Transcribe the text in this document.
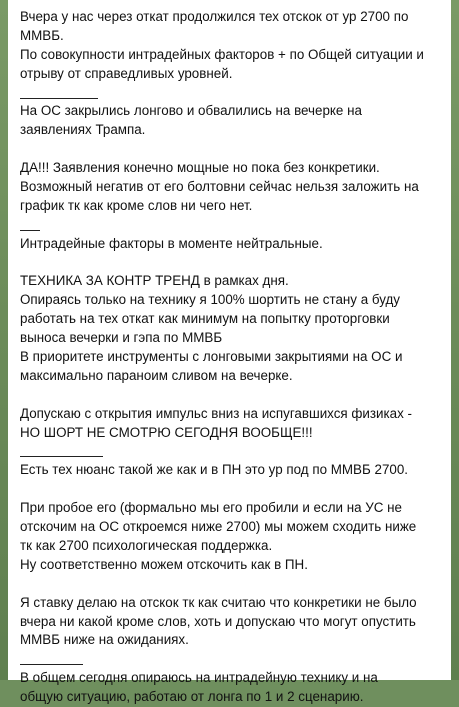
Вчера у нас через откат продолжился тех отскок от ур 2700 по
ММВБ.
По совокупности интрадейных факторов + по Общей ситуации и
отрыву от справедливых уровней.
На ОС закрылись лонгово и обвалились на вечерке на
заявлениях Трампа.
ДА!!! Заявления конечно мощные но пока без конкретики.
Возможный негатив от его болтовни сейчас нельзя заложить на
график тк как кроме слов ни чего нет.
Интрадейные факторы в моменте нейтральные.
ТЕХНИКА ЗА КОНТР ТРЕНД в рамках дня.
Опираясь только на технику я 100% шортить не стану а буду
работать на тех откат как минимум на попытку проторговки
выноса вечерки и гэпа по ММВБ
В приоритете инструменты с лонговыми закрытиями на ОС и
максимально параноим сливом на вечерке.
Допускаю с открытия импульс вниз на испугавшихся физиках -
НО ШОРТ НЕ СМОТРЮ СЕГОДНЯ ВООБЩЕ!!!
Есть тех нюанс такой же как и в ПН это ур под по ММВБ 2700.
При пробое его (формально мы его пробили и если на УС не
отскочим на ОС откроемся ниже 2700) мы можем сходить ниже
тк как 2700 психологическая поддержка.
Ну соответственно можем отскочить как в ПН.
Я ставку делаю на отскок тк как считаю что конкретики не было
вчера ни какой кроме слов, хоть и допускаю что могут опустить
ММВБ ниже на ожиданиях.
В общем сегодня опираюсь на интрадейную технику и на
общую ситуацию, работаю от лонга по 1 и 2 сценарию.
